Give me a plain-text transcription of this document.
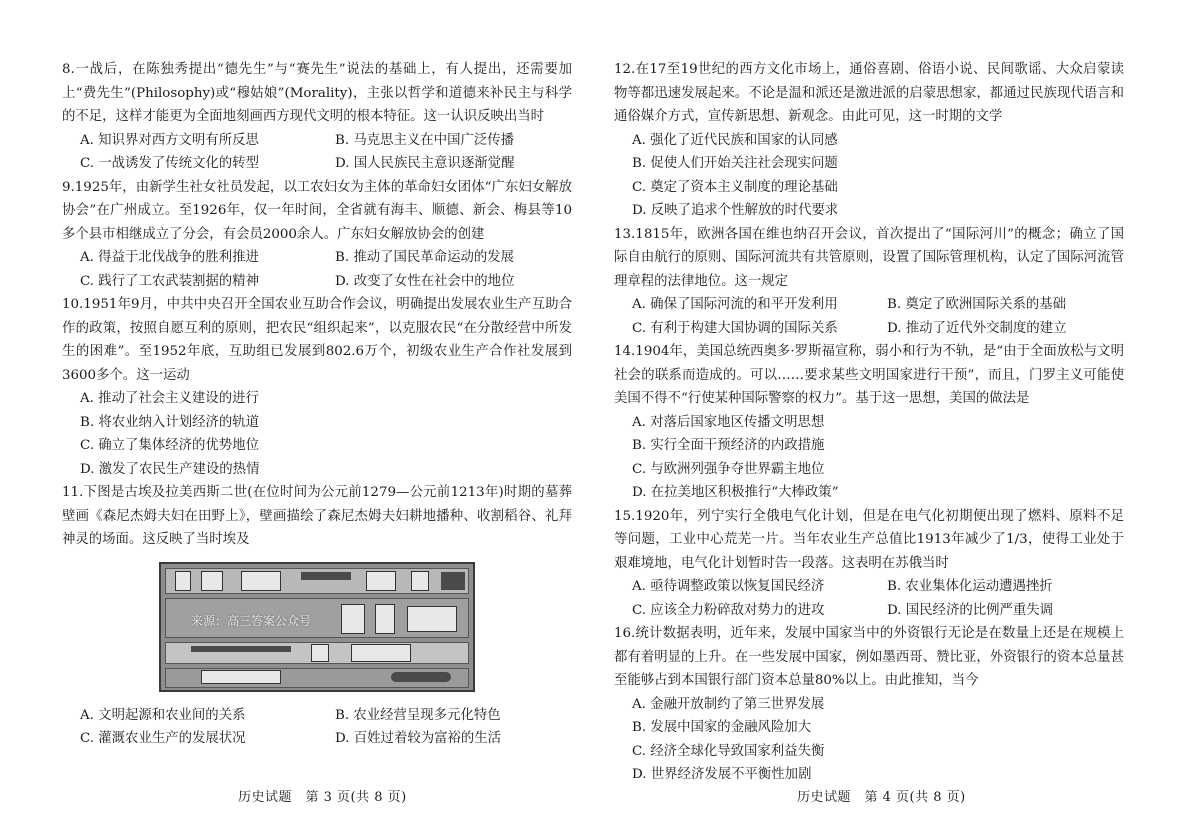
8.一战后，在陈独秀提出“德先生”与“赛先生”说法的基础上，有人提出，还需要加上“费先生”(Philosophy)或“穆姑娘”(Morality)，主张以哲学和道德来补民主与科学的不足，这样才能更为全面地刻画西方现代文明的根本特征。这一认识反映出当时
A. 知识界对西方文明有所反思	B. 马克思主义在中国广泛传播
C. 一战诱发了传统文化的转型	D. 国人民族民主意识逐渐觉醒
9.1925年，由新学生社女社员发起，以工农妇女为主体的革命妇女团体“广东妇女解放协会”在广州成立。至1926年，仅一年时间，全省就有海丰、顺德、新会、梅县等10多个县市相继成立了分会，有会员2000余人。广东妇女解放协会的创建
A. 得益于北伐战争的胜利推进	B. 推动了国民革命运动的发展
C. 践行了工农武装割据的精神	D. 改变了女性在社会中的地位
10.1951年9月，中共中央召开全国农业互助合作会议，明确提出发展农业生产互助合作的政策，按照自愿互利的原则，把农民“组织起来”，以克服农民“在分散经营中所发生的困难”。至1952年底，互助组已发展到802.6万个，初级农业生产合作社发展到3600多个。这一运动
A. 推动了社会主义建设的进行
B. 将农业纳入计划经济的轨道
C. 确立了集体经济的优势地位
D. 激发了农民生产建设的热情
11.下图是古埃及拉美西斯二世(在位时间为公元前1279—公元前1213年)时期的墓葬壁画《森尼杰姆夫妇在田野上》，壁画描绘了森尼杰姆夫妇耕地播种、收割稻谷、礼拜神灵的场面。这反映了当时埃及
来源：高三答案公众号
A. 文明起源和农业间的关系	B. 农业经营呈现多元化特色
C. 灌溉农业生产的发展状况	D. 百姓过着较为富裕的生活
12.在17至19世纪的西方文化市场上，通俗喜剧、俗语小说、民间歌谣、大众启蒙读物等都迅速发展起来。不论是温和派还是激进派的启蒙思想家，都通过民族现代语言和通俗媒介方式，宣传新思想、新观念。由此可见，这一时期的文学
A. 强化了近代民族和国家的认同感
B. 促使人们开始关注社会现实问题
C. 奠定了资本主义制度的理论基础
D. 反映了追求个性解放的时代要求
13.1815年，欧洲各国在维也纳召开会议，首次提出了“国际河川”的概念；确立了国际自由航行的原则、国际河流共有共管原则，设置了国际管理机构，认定了国际河流管理章程的法律地位。这一规定
A. 确保了国际河流的和平开发利用	B. 奠定了欧洲国际关系的基础
C. 有利于构建大国协调的国际关系	D. 推动了近代外交制度的建立
14.1904年，美国总统西奥多·罗斯福宣称，弱小和行为不轨，是“由于全面放松与文明社会的联系而造成的。可以……要求某些文明国家进行干预”，而且，门罗主义可能使美国不得不“行使某种国际警察的权力”。基于这一思想，美国的做法是
A. 对落后国家地区传播文明思想
B. 实行全面干预经济的内政措施
C. 与欧洲列强争夺世界霸主地位
D. 在拉美地区积极推行“大棒政策”
15.1920年，列宁实行全俄电气化计划，但是在电气化初期便出现了燃料、原料不足等问题，工业中心荒芜一片。当年农业生产总值比1913年减少了1/3，使得工业处于艰难境地，电气化计划暂时告一段落。这表明在苏俄当时
A. 亟待调整政策以恢复国民经济	B. 农业集体化运动遭遇挫折
C. 应该全力粉碎敌对势力的进攻	D. 国民经济的比例严重失调
16.统计数据表明，近年来，发展中国家当中的外资银行无论是在数量上还是在规模上都有着明显的上升。在一些发展中国家，例如墨西哥、赞比亚，外资银行的资本总量甚至能够占到本国银行部门资本总量80%以上。由此推知，当今
A. 金融开放制约了第三世界发展
B. 发展中国家的金融风险加大
C. 经济全球化导致国家利益失衡
D. 世界经济发展不平衡性加剧
历史试题　第 3 页(共 8 页)	历史试题　第 4 页(共 8 页)
